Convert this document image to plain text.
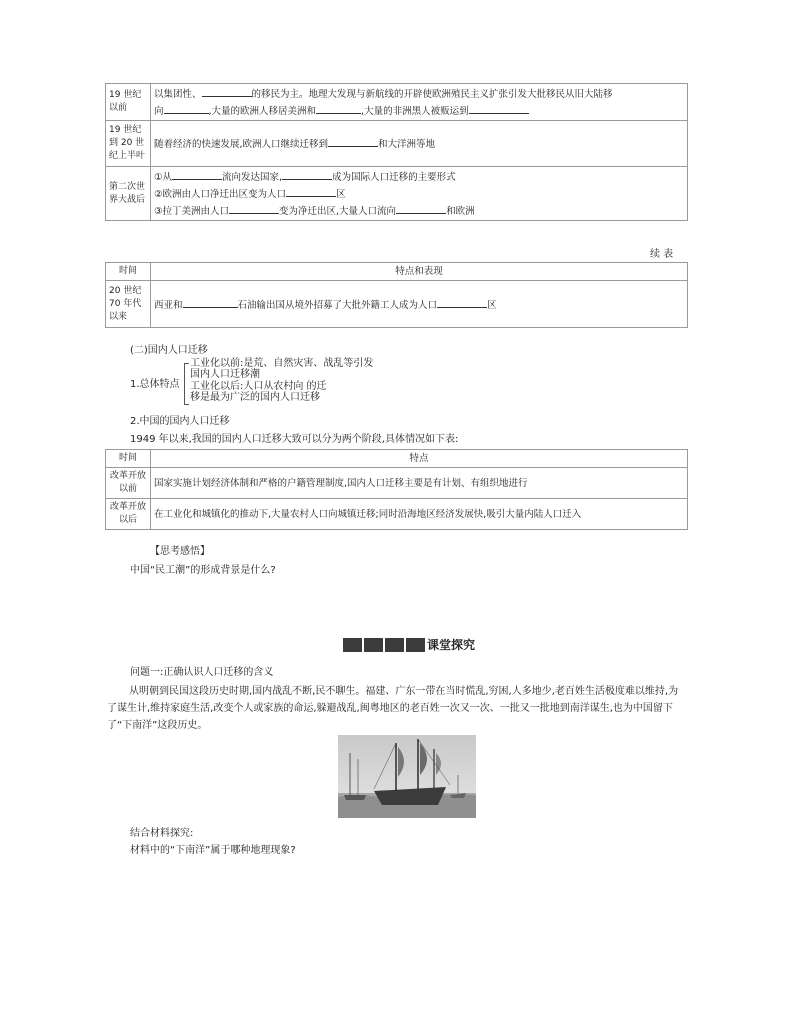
19 世纪以前	以集团性、 的移民为主。地理大发现与新航线的开辟使欧洲殖民主义扩张引发大批移民从旧大陆移
向 ,大量的欧洲人移居美洲和 ,大量的非洲黑人被贩运到

19 世纪到 20 世纪上半叶	随着经济的快速发展,欧洲人口继续迁移到 和大洋洲等地
第二次世界大战后	①从 流向发达国家, 成为国际人口迁移的主要形式
②欧洲由人口净迁出区变为人口 区
③拉丁美洲由人口 变为净迁出区,大量人口流向 和欧洲
续 表
时间	特点和表现
20 世纪 70 年代以来	西亚和 石油输出国从境外招募了大批外籍工人成为人口 区
(二)国内人口迁移
1.总体特点
工业化以前:是荒、自然灾害、战乱等引发
国内人口迁移潮
工业化以后:人口从农村向 的迁
移是最为广泛的国内人口迁移
2.中国的国内人口迁移
1949 年以来,我国的国内人口迁移大致可以分为两个阶段,具体情况如下表:
时间	特点
改革开放以前	国家实施计划经济体制和严格的户籍管理制度,国内人口迁移主要是有计划、有组织地进行
改革开放以后	在工业化和城镇化的推动下,大量农村人口向城镇迁移;同时沿海地区经济发展快,吸引大量内陆人口迁入
【思考感悟】
中国“民工潮”的形成背景是什么?
课堂探究
问题一:正确认识人口迁移的含义
从明朝到民国这段历史时期,国内战乱不断,民不聊生。福建、广东一带在当时慌乱,穷困,人多地少,老百姓生活极度难以维持,为了谋生计,维持家庭生活,改变个人或家族的命运,躲避战乱,闽粤地区的老百姓一次又一次、一批又一批地到南洋谋生,也为中国留下了“下南洋”这段历史。
结合材料探究:
材料中的“下南洋”属于哪种地理现象?
